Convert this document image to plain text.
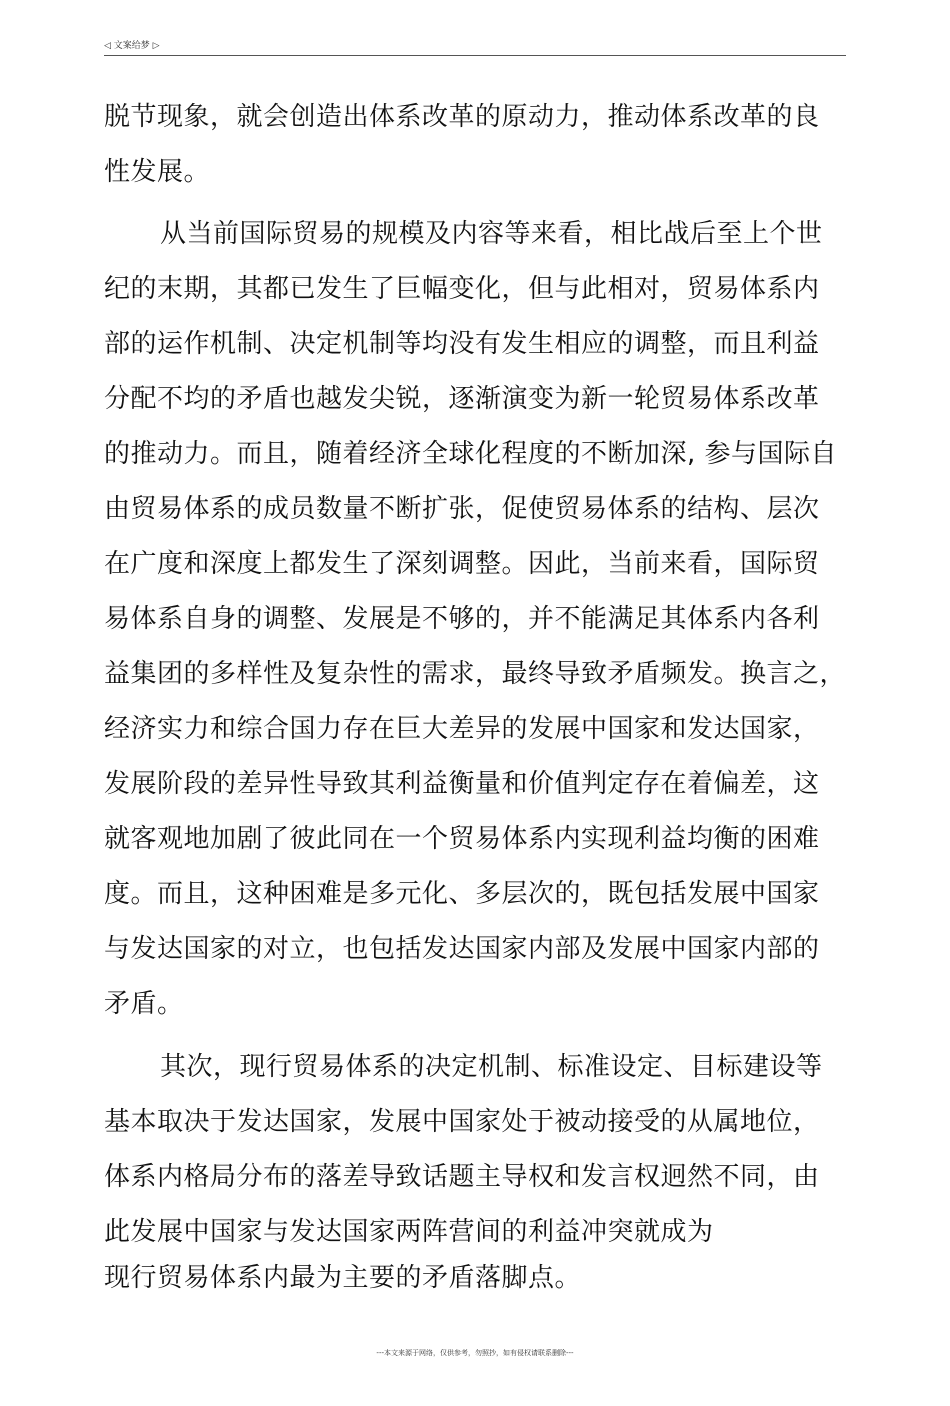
◁ 文案给梦 ▷
脱节现象，就会创造出体系改革的原动力，推动体系改革的良
性发展。
从当前国际贸易的规模及内容等来看，相比战后至上个世
纪的末期，其都已发生了巨幅变化，但与此相对，贸易体系内
部的运作机制、决定机制等均没有发生相应的调整，而且利益
分配不均的矛盾也越发尖锐，逐渐演变为新一轮贸易体系改革
的推动力。而且，随着经济全球化程度的不断加深, 参与国际自
由贸易体系的成员数量不断扩张，促使贸易体系的结构、层次
在广度和深度上都发生了深刻调整。因此，当前来看，国际贸
易体系自身的调整、发展是不够的，并不能满足其体系内各利
益集团的多样性及复杂性的需求，最终导致矛盾频发。换言之，
经济实力和综合国力存在巨大差异的发展中国家和发达国家，
发展阶段的差异性导致其利益衡量和价值判定存在着偏差，这
就客观地加剧了彼此同在一个贸易体系内实现利益均衡的困难
度。而且，这种困难是多元化、多层次的，既包括发展中国家
与发达国家的对立，也包括发达国家内部及发展中国家内部的
矛盾。
其次，现行贸易体系的决定机制、标准设定、目标建设等
基本取决于发达国家，发展中国家处于被动接受的从属地位，
体系内格局分布的落差导致话题主导权和发言权迥然不同，由
此发展中国家与发达国家两阵营间的利益冲突就成为
现行贸易体系内最为主要的矛盾落脚点。
---本文来源于网络，仅供参考，勿照抄，如有侵权请联系删除---
